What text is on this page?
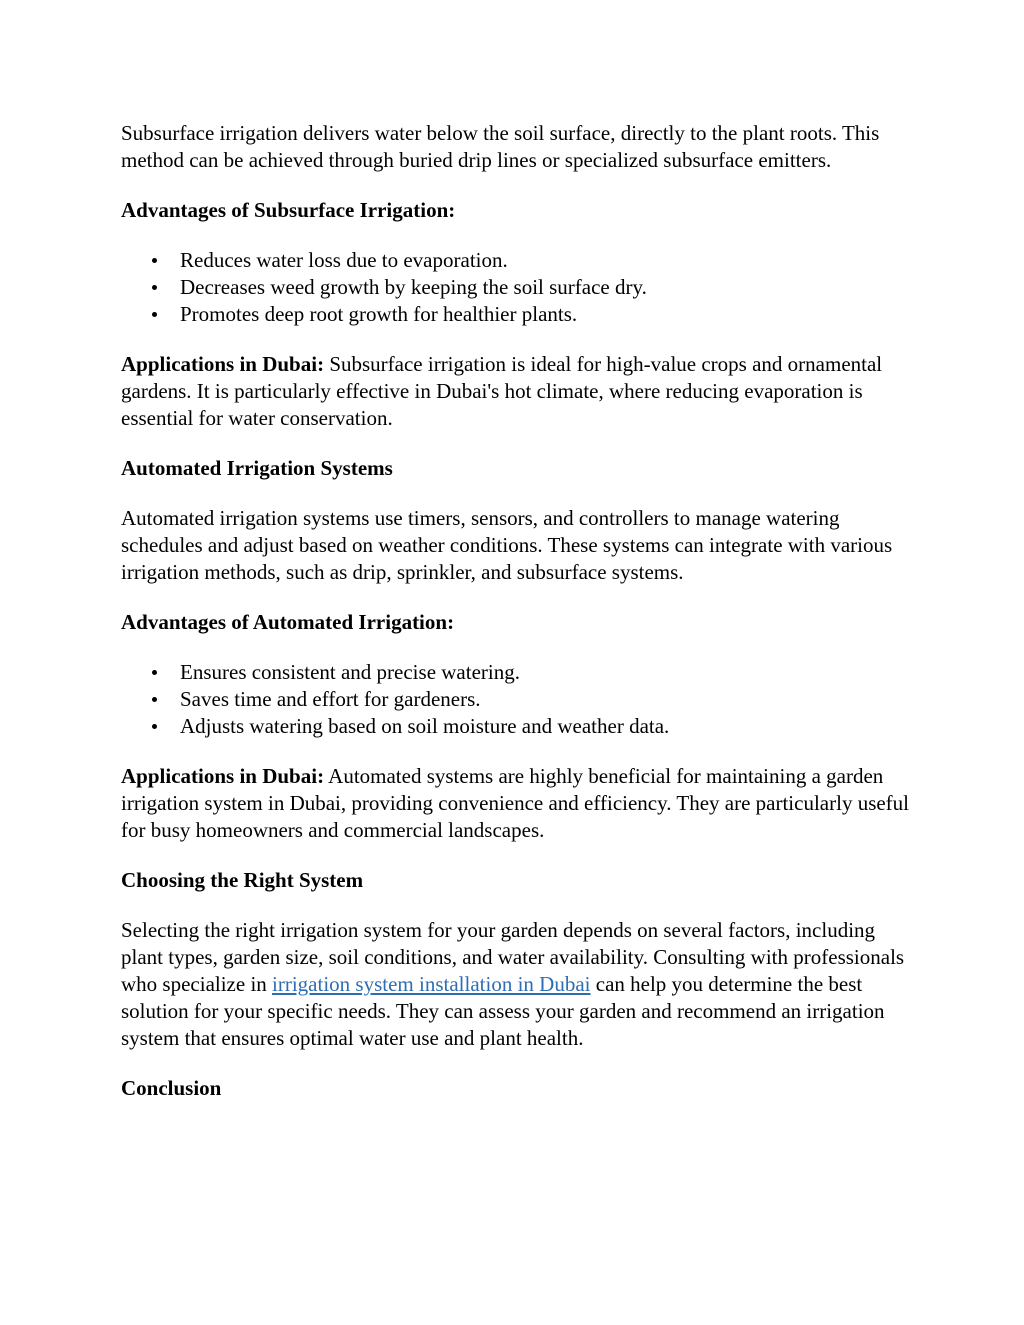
Subsurface irrigation delivers water below the soil surface, directly to the plant roots. This method can be achieved through buried drip lines or specialized subsurface emitters.

Advantages of Subsurface Irrigation:
Reduces water loss due to evaporation.
Decreases weed growth by keeping the soil surface dry.
Promotes deep root growth for healthier plants.

Applications in Dubai: Subsurface irrigation is ideal for high-value crops and ornamental gardens. It is particularly effective in Dubai's hot climate, where reducing evaporation is essential for water conservation.

Automated Irrigation Systems

Automated irrigation systems use timers, sensors, and controllers to manage watering schedules and adjust based on weather conditions. These systems can integrate with various irrigation methods, such as drip, sprinkler, and subsurface systems.

Advantages of Automated Irrigation:
Ensures consistent and precise watering.
Saves time and effort for gardeners.
Adjusts watering based on soil moisture and weather data.

Applications in Dubai: Automated systems are highly beneficial for maintaining a garden irrigation system in Dubai, providing convenience and efficiency. They are particularly useful for busy homeowners and commercial landscapes.

Choosing the Right System

Selecting the right irrigation system for your garden depends on several factors, including plant types, garden size, soil conditions, and water availability. Consulting with professionals who specialize in irrigation system installation in Dubai can help you determine the best solution for your specific needs. They can assess your garden and recommend an irrigation system that ensures optimal water use and plant health.

Conclusion
